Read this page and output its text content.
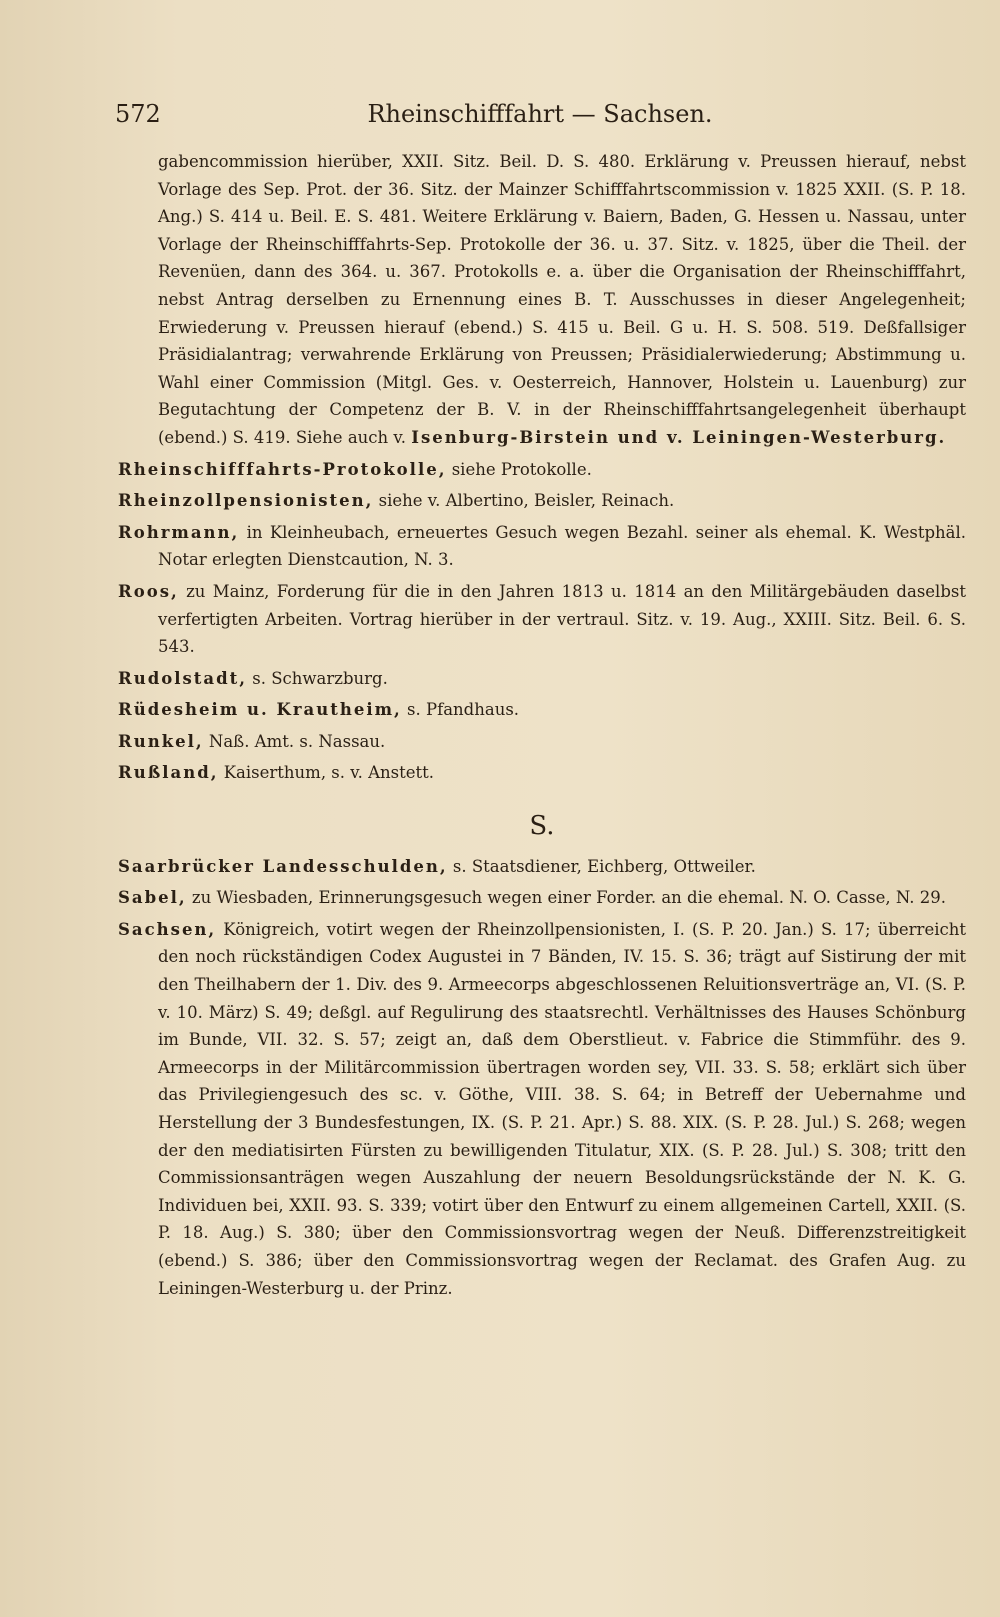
572	Rheinschifffahrt — Sachsen.

gabencommission hierüber, XXII. Sitz. Beil. D. S. 480. Erklärung v. Preussen hierauf, nebst Vorlage des Sep. Prot. der 36. Sitz. der Mainzer Schifffahrtscommission v. 1825 XXII. (S. P. 18. Ang.) S. 414 u. Beil. E. S. 481. Weitere Erklärung v. Baiern, Baden, G. Hessen u. Nassau, unter Vorlage der Rheinschifffahrts-Sep. Protokolle der 36. u. 37. Sitz. v. 1825, über die Theil. der Revenüen, dann des 364. u. 367. Protokolls e. a. über die Organisation der Rheinschifffahrt, nebst Antrag derselben zu Ernennung eines B. T. Ausschusses in dieser Angelegenheit; Erwiederung v. Preussen hierauf (ebend.) S. 415 u. Beil. G u. H. S. 508. 519. Deßfallsiger Präsidialantrag; verwahrende Erklärung von Preussen; Präsidialerwiederung; Abstimmung u. Wahl einer Commission (Mitgl. Ges. v. Oesterreich, Hannover, Holstein u. Lauenburg) zur Begutachtung der Competenz der B. V. in der Rheinschifffahrtsangelegenheit überhaupt (ebend.) S. 419. Siehe auch v. Isenburg-Birstein und v. Leiningen-Westerburg.

Rheinschifffahrts-Protokolle, siehe Protokolle.

Rheinzollpensionisten, siehe v. Albertino, Beisler, Reinach.

Rohrmann, in Kleinheubach, erneuertes Gesuch wegen Bezahl. seiner als ehemal. K. Westphäl. Notar erlegten Dienstcaution, N. 3.

Roos, zu Mainz, Forderung für die in den Jahren 1813 u. 1814 an den Militärgebäuden daselbst verfertigten Arbeiten. Vortrag hierüber in der vertraul. Sitz. v. 19. Aug., XXIII. Sitz. Beil. 6. S. 543.

Rudolstadt, s. Schwarzburg.

Rüdesheim u. Krautheim, s. Pfandhaus.

Runkel, Naß. Amt. s. Nassau.

Rußland, Kaiserthum, s. v. Anstett.

S.

Saarbrücker Landesschulden, s. Staatsdiener, Eichberg, Ottweiler.

Sabel, zu Wiesbaden, Erinnerungsgesuch wegen einer Forder. an die ehemal. N. O. Casse, N. 29.

Sachsen, Königreich, votirt wegen der Rheinzollpensionisten, I. (S. P. 20. Jan.) S. 17; überreicht den noch rückständigen Codex Augustei in 7 Bänden, IV. 15. S. 36; trägt auf Sistirung der mit den Theilhabern der 1. Div. des 9. Armeecorps abgeschlossenen Reluitionsverträge an, VI. (S. P. v. 10. März) S. 49; deßgl. auf Regulirung des staatsrechtl. Verhältnisses des Hauses Schönburg im Bunde, VII. 32. S. 57; zeigt an, daß dem Oberstlieut. v. Fabrice die Stimmführ. des 9. Armeecorps in der Militärcommission übertragen worden sey, VII. 33. S. 58; erklärt sich über das Privilegiengesuch des sc. v. Göthe, VIII. 38. S. 64; in Betreff der Uebernahme und Herstellung der 3 Bundesfestungen, IX. (S. P. 21. Apr.) S. 88. XIX. (S. P. 28. Jul.) S. 268; wegen der den mediatisirten Fürsten zu bewilligenden Titulatur, XIX. (S. P. 28. Jul.) S. 308; tritt den Commissionsanträgen wegen Auszahlung der neuern Besoldungsrückstände der N. K. G. Individuen bei, XXII. 93. S. 339; votirt über den Entwurf zu einem allgemeinen Cartell, XXII. (S. P. 18. Aug.) S. 380; über den Commissionsvortrag wegen der Neuß. Differenzstreitigkeit (ebend.) S. 386; über den Commissionsvortrag wegen der Reclamat. des Grafen Aug. zu Leiningen-Westerburg u. der Prinz.
